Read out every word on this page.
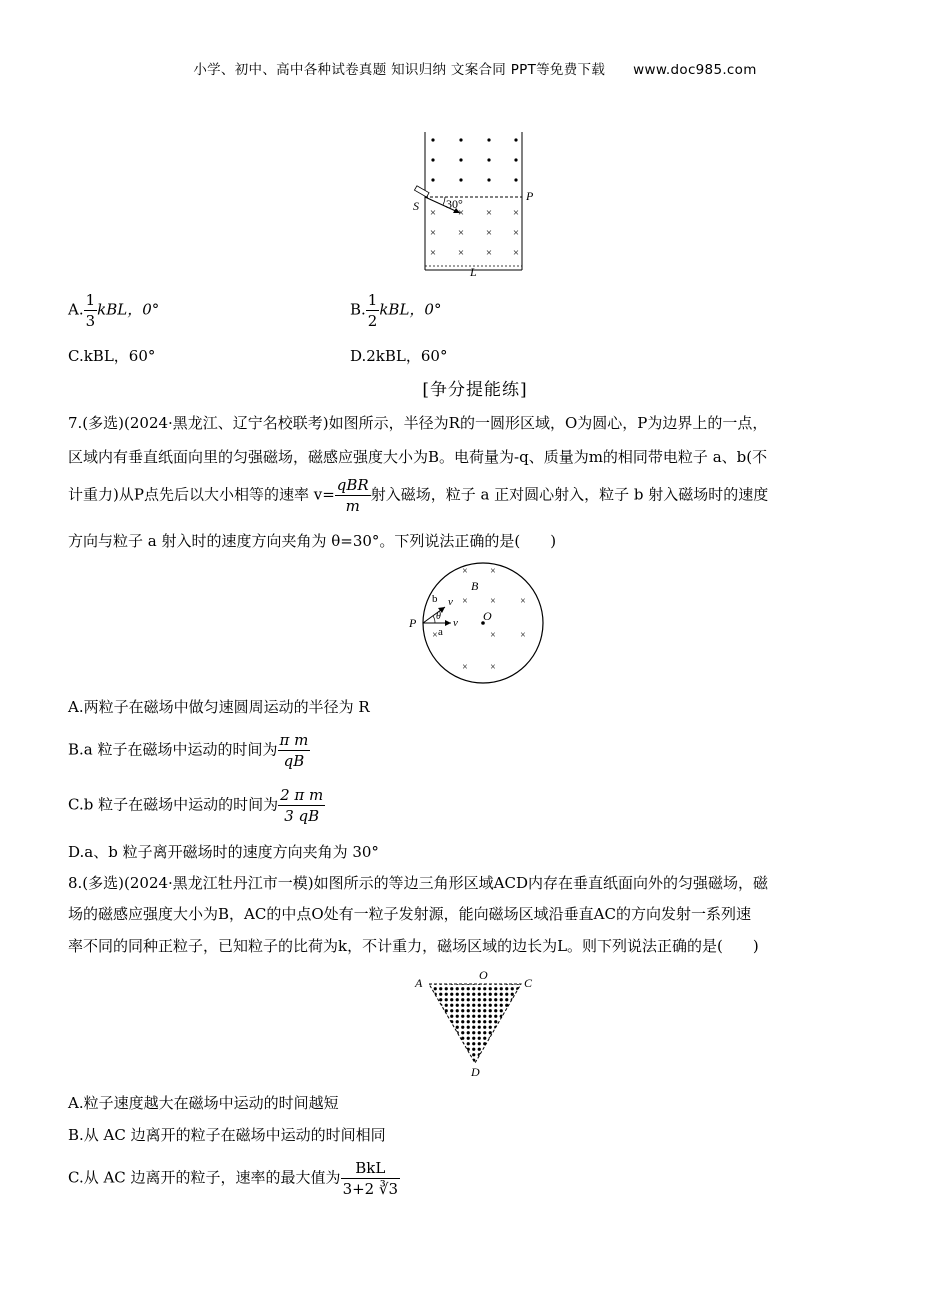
小学、初中、高中各种试卷真题 知识归纳 文案合同 PPT等免费下载 www.doc985.com
× × × ×
× × × ×
× × × ×
30°
S
P
L
A. $\frac{1}{3}$ kBL，0°	B. $\frac{1}{2}$ kBL，0°
C.kBL，60°	D.2kBL，60°
[争分提能练]
7.(多选)(2024·黑龙江、辽宁名校联考)如图所示，半径为R的一圆形区域，O为圆心，P为边界上的一点，
区域内有垂直纸面向里的匀强磁场，磁感应强度大小为B。电荷量为-q、质量为m的相同带电粒子 a、b(不
计重力)从P点先后以大小相等的速率 $v= \frac{\text{qBR}}{m}$ 射入磁场，粒子 a 正对圆心射入，粒子 b 射入磁场时的速度
方向与粒子 a 射入时的速度方向夹角为 θ=30°。下列说法正确的是(　　)
× ×
× ×
×
×
×
×
× ×
B
O
P
b
a
v
v
θ
A.两粒子在磁场中做匀速圆周运动的半径为 R
B.a 粒子在磁场中运动的时间为 $\frac{\text{π m}}{qB}$
C.b 粒子在磁场中运动的时间为 $\frac{\text{2 π m}}{3 qB}$
D.a、b 粒子离开磁场时的速度方向夹角为 30°
8.(多选)(2024·黑龙江牡丹江市一模)如图所示的等边三角形区域ACD内存在垂直纸面向外的匀强磁场，磁
场的磁感应强度大小为B，AC的中点O处有一粒子发射源，能向磁场区域沿垂直AC的方向发射一系列速
率不同的同种正粒子，已知粒子的比荷为k，不计重力，磁场区域的边长为L。则下列说法正确的是(　　)
A	C
O
D
A.粒子速度越大在磁场中运动的时间越短
B.从 AC 边离开的粒子在磁场中运动的时间相同
C.从 AC 边离开的粒子，速率的最大值为 $\frac{\text{BkL}}{3+2 ∛3}$
